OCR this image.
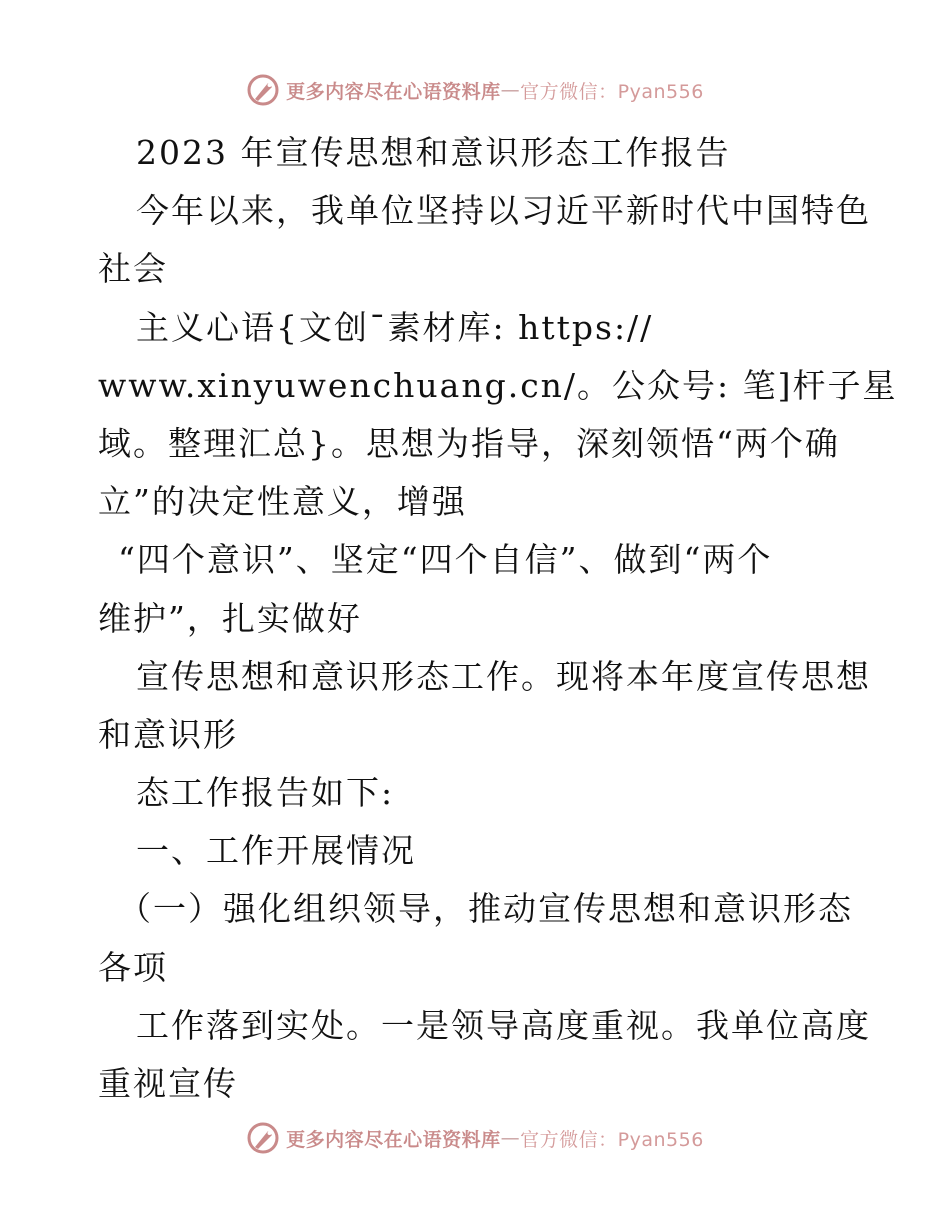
更多内容尽在心语资料库 — 官方微信：Pyan556
2023 年宣传思想和意识形态工作报告
今年以来，我单位坚持以习近平新时代中国特色
社会
主义心语{文创¯素材库: https://
www.xinyuwenchuang.cn/。公众号: 笔]杆子星
域。整理汇总}。思想为指导，深刻领悟“两个确
立”的决定性意义，增强
“四个意识”、坚定“四个自信”、做到“两个
维护”，扎实做好
宣传思想和意识形态工作。现将本年度宣传思想
和意识形
态工作报告如下:
一、工作开展情况
（一）强化组织领导，推动宣传思想和意识形态
各项
工作落到实处。一是领导高度重视。我单位高度
重视宣传
更多内容尽在心语资料库 — 官方微信：Pyan556
